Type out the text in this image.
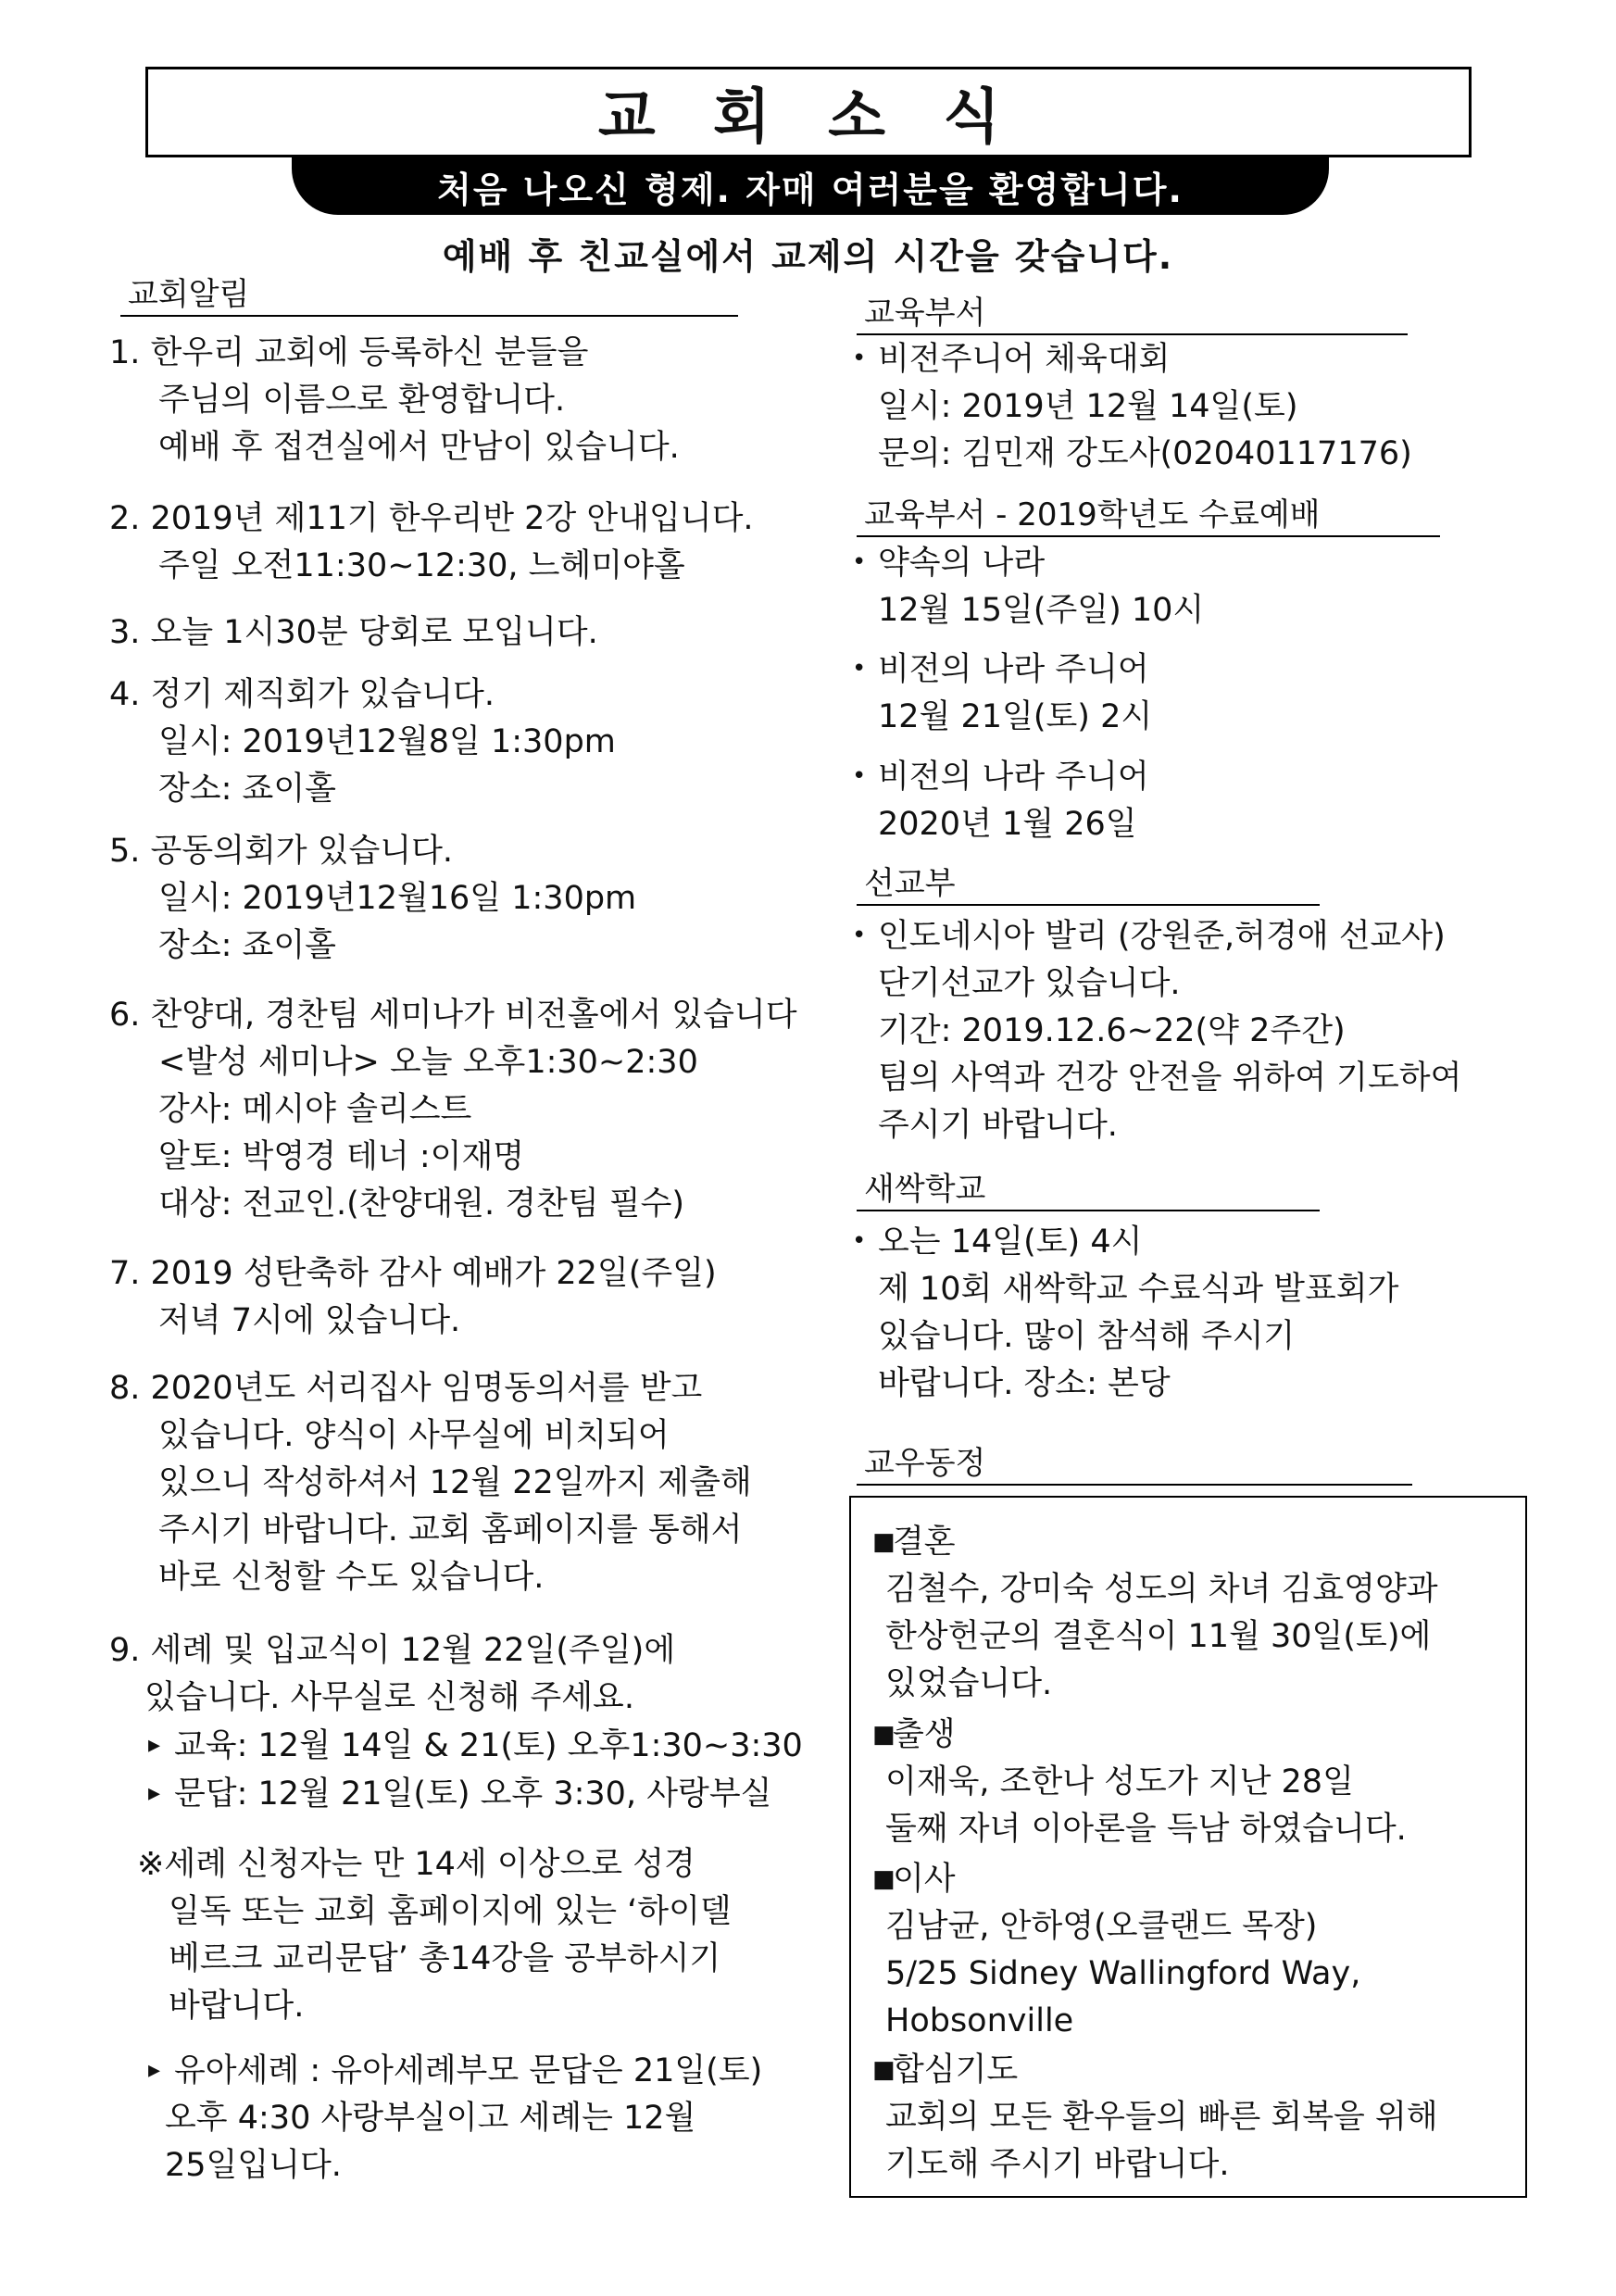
교 회 소 식
처음 나오신 형제. 자매 여러분을 환영합니다.
예배 후 친교실에서 교제의 시간을 갖습니다.
교회알림
1. 한우리 교회에 등록하신 분들을
주님의 이름으로 환영합니다.
예배 후 접견실에서 만남이 있습니다.
2. 2019년 제11기 한우리반 2강 안내입니다.
주일 오전11:30~12:30, 느헤미야홀
3. 오늘 1시30분 당회로 모입니다.
4. 정기 제직회가 있습니다.
일시: 2019년12월8일 1:30pm
장소: 죠이홀
5. 공동의회가 있습니다.
일시: 2019년12월16일 1:30pm
장소: 죠이홀
6. 찬양대, 경찬팀 세미나가 비전홀에서 있습니다
<발성 세미나> 오늘 오후1:30~2:30
강사: 메시야 솔리스트
알토: 박영경 테너 :이재명
대상: 전교인.(찬양대원. 경찬팀 필수)
7. 2019 성탄축하 감사 예배가 22일(주일)
저녁 7시에 있습니다.
8. 2020년도 서리집사 임명동의서를 받고
있습니다. 양식이 사무실에 비치되어
있으니 작성하셔서 12월 22일까지 제출해
주시기 바랍니다. 교회 홈페이지를 통해서
바로 신청할 수도 있습니다.
9. 세례 및 입교식이 12월 22일(주일)에
있습니다. 사무실로 신청해 주세요.
▸ 교육: 12월 14일 & 21(토) 오후1:30~3:30
▸ 문답: 12월 21일(토) 오후 3:30, 사랑부실
※세례 신청자는 만 14세 이상으로 성경
일독 또는 교회 홈페이지에 있는 ‘하이델
베르크 교리문답’ 총14강을 공부하시기
바랍니다.
▸ 유아세례 : 유아세례부모 문답은 21일(토)
오후 4:30 사랑부실이고 세례는 12월
25일입니다.
교육부서
• 비전주니어 체육대회
일시: 2019년 12월 14일(토)
문의: 김민재 강도사(02040117176)
교육부서 - 2019학년도 수료예배
• 약속의 나라
12월 15일(주일) 10시
• 비전의 나라 주니어
12월 21일(토) 2시
• 비전의 나라 주니어
2020년 1월 26일
선교부
• 인도네시아 발리 (강원준,허경애 선교사)
단기선교가 있습니다.
기간: 2019.12.6~22(약 2주간)
팀의 사역과 건강 안전을 위하여 기도하여
주시기 바랍니다.
새싹학교
• 오는 14일(토) 4시
제 10회 새싹학교 수료식과 발표회가
있습니다. 많이 참석해 주시기
바랍니다. 장소: 본당
교우동정
■결혼
김철수, 강미숙 성도의 차녀 김효영양과
한상헌군의 결혼식이 11월 30일(토)에
있었습니다.
■출생
이재욱, 조한나 성도가 지난 28일
둘째 자녀 이아론을 득남 하였습니다.
■이사
김남균, 안하영(오클랜드 목장)
5/25 Sidney Wallingford Way,
Hobsonville
■합심기도
교회의 모든 환우들의 빠른 회복을 위해
기도해 주시기 바랍니다.
